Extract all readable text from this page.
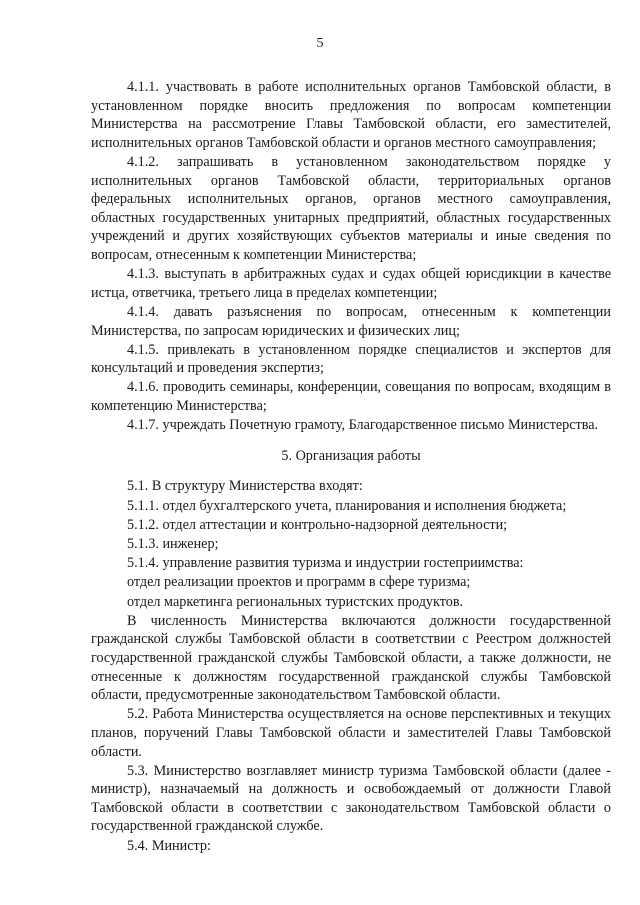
5

4.1.1. участвовать в работе исполнительных органов Тамбовской области, в установленном порядке вносить предложения по вопросам компетенции Министерства на рассмотрение Главы Тамбовской области, его заместителей, исполнительных органов Тамбовской области и органов местного самоуправления;

4.1.2. запрашивать в установленном законодательством порядке у исполнительных органов Тамбовской области, территориальных органов федеральных исполнительных органов, органов местного самоуправления, областных государственных унитарных предприятий, областных государственных учреждений и других хозяйствующих субъектов материалы и иные сведения по вопросам, отнесенным к компетенции Министерства;

4.1.3. выступать в арбитражных судах и судах общей юрисдикции в качестве истца, ответчика, третьего лица в пределах компетенции;

4.1.4. давать разъяснения по вопросам, отнесенным к компетенции Министерства, по запросам юридических и физических лиц;

4.1.5. привлекать в установленном порядке специалистов и экспертов для консультаций и проведения экспертиз;

4.1.6. проводить семинары, конференции, совещания по вопросам, входящим в компетенцию Министерства;

4.1.7. учреждать Почетную грамоту, Благодарственное письмо Министерства.

5. Организация работы

5.1. В структуру Министерства входят:

5.1.1. отдел бухгалтерского учета, планирования и исполнения бюджета;

5.1.2. отдел аттестации и контрольно-надзорной деятельности;

5.1.3. инженер;

5.1.4. управление развития туризма и индустрии гостеприимства:

отдел реализации проектов и программ в сфере туризма;

отдел маркетинга региональных туристских продуктов.

В численность Министерства включаются должности государственной гражданской службы Тамбовской области в соответствии с Реестром должностей государственной гражданской службы Тамбовской области, а также должности, не отнесенные к должностям государственной гражданской службы Тамбовской области, предусмотренные законодательством Тамбовской области.

5.2. Работа Министерства осуществляется на основе перспективных и текущих планов, поручений Главы Тамбовской области и заместителей Главы Тамбовской области.

5.3. Министерство возглавляет министр туризма Тамбовской области (далее - министр), назначаемый на должность и освобождаемый от должности Главой Тамбовской области в соответствии с законодательством Тамбовской области о государственной гражданской службе.

5.4. Министр:
